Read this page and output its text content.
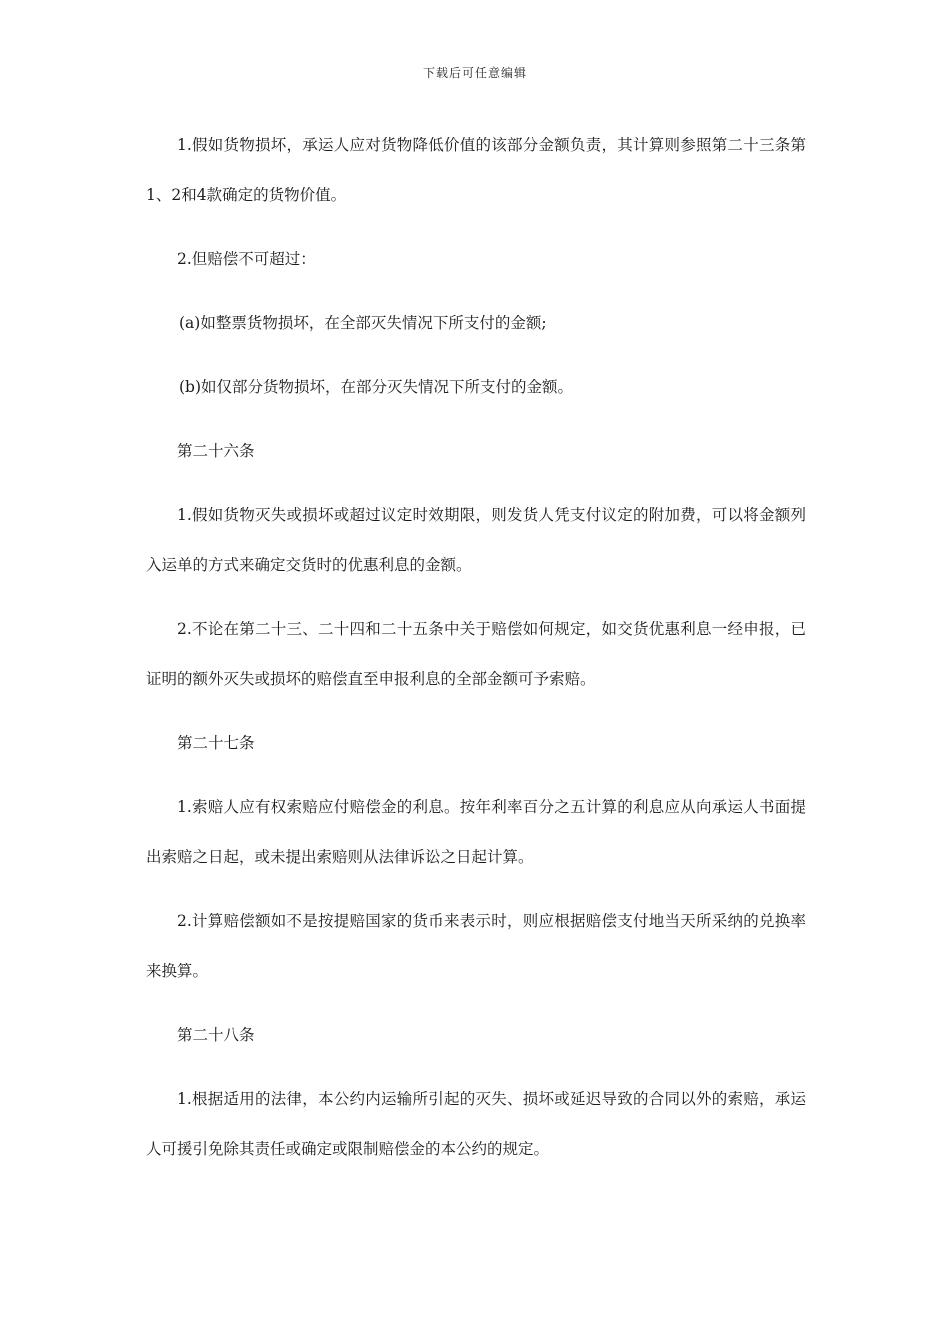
下载后可任意编辑

1.假如货物损坏，承运人应对货物降低价值的该部分金额负责，其计算则参照第二十三条第1、2和4款确定的货物价值。

2.但赔偿不可超过：

(a)如整票货物损坏，在全部灭失情况下所支付的金额;

(b)如仅部分货物损坏，在部分灭失情况下所支付的金额。

第二十六条

1.假如货物灭失或损坏或超过议定时效期限，则发货人凭支付议定的附加费，可以将金额列入运单的方式来确定交货时的优惠利息的金额。

2.不论在第二十三、二十四和二十五条中关于赔偿如何规定，如交货优惠利息一经申报，已证明的额外灭失或损坏的赔偿直至申报利息的全部金额可予索赔。

第二十七条

1.索赔人应有权索赔应付赔偿金的利息。按年利率百分之五计算的利息应从向承运人书面提出索赔之日起，或未提出索赔则从法律诉讼之日起计算。

2.计算赔偿额如不是按提赔国家的货币来表示时，则应根据赔偿支付地当天所采纳的兑换率来换算。

第二十八条

1.根据适用的法律，本公约内运输所引起的灭失、损坏或延迟导致的合同以外的索赔，承运人可援引免除其责任或确定或限制赔偿金的本公约的规定。
